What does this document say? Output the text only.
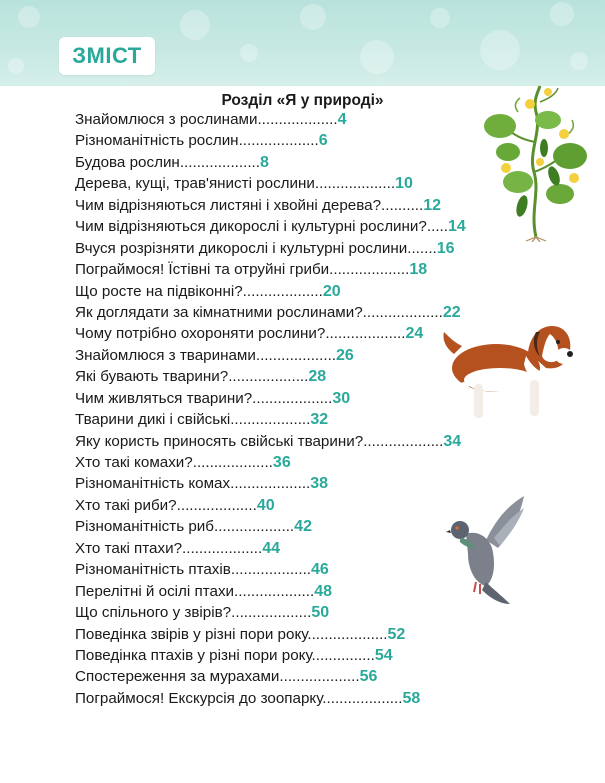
ЗМІСТ
Розділ «Я у природі»
Знайомлюся з рослинами...................4
Різноманітність рослин...................6
Будова рослин...................8
Дерева, кущі, трав'янисті рослини...................10
Чим відрізняються листяні і хвойні дерева?..........12
Чим відрізняються дикорослі і культурні рослини?.....14
Вчуся розрізняти дикорослі і культурні рослини.......16
Пограймося! Їстівні та отруйні гриби...................18
Що росте на підвіконні?...................20
Як доглядати за кімнатними рослинами?...................22
Чому потрібно охороняти рослини?...................24
Знайомлюся з тваринами...................26
Які бувають тварини?...................28
Чим живляться тварини?...................30
Тварини дикі і свійські...................32
Яку користь приносять свійські тварини?...................34
Хто такі комахи?...................36
Різноманітність комах...................38
Хто такі риби?...................40
Різноманітність риб...................42
Хто такі птахи?...................44
Різноманітність птахів...................46
Перелітні й осілі птахи...................48
Що спільного у звірів?...................50
Поведінка звірів у різні пори року...................52
Поведінка птахів у різні пори року...............54
Спостереження за мурахами...................56
Пограймося! Екскурсія до зоопарку...................58
